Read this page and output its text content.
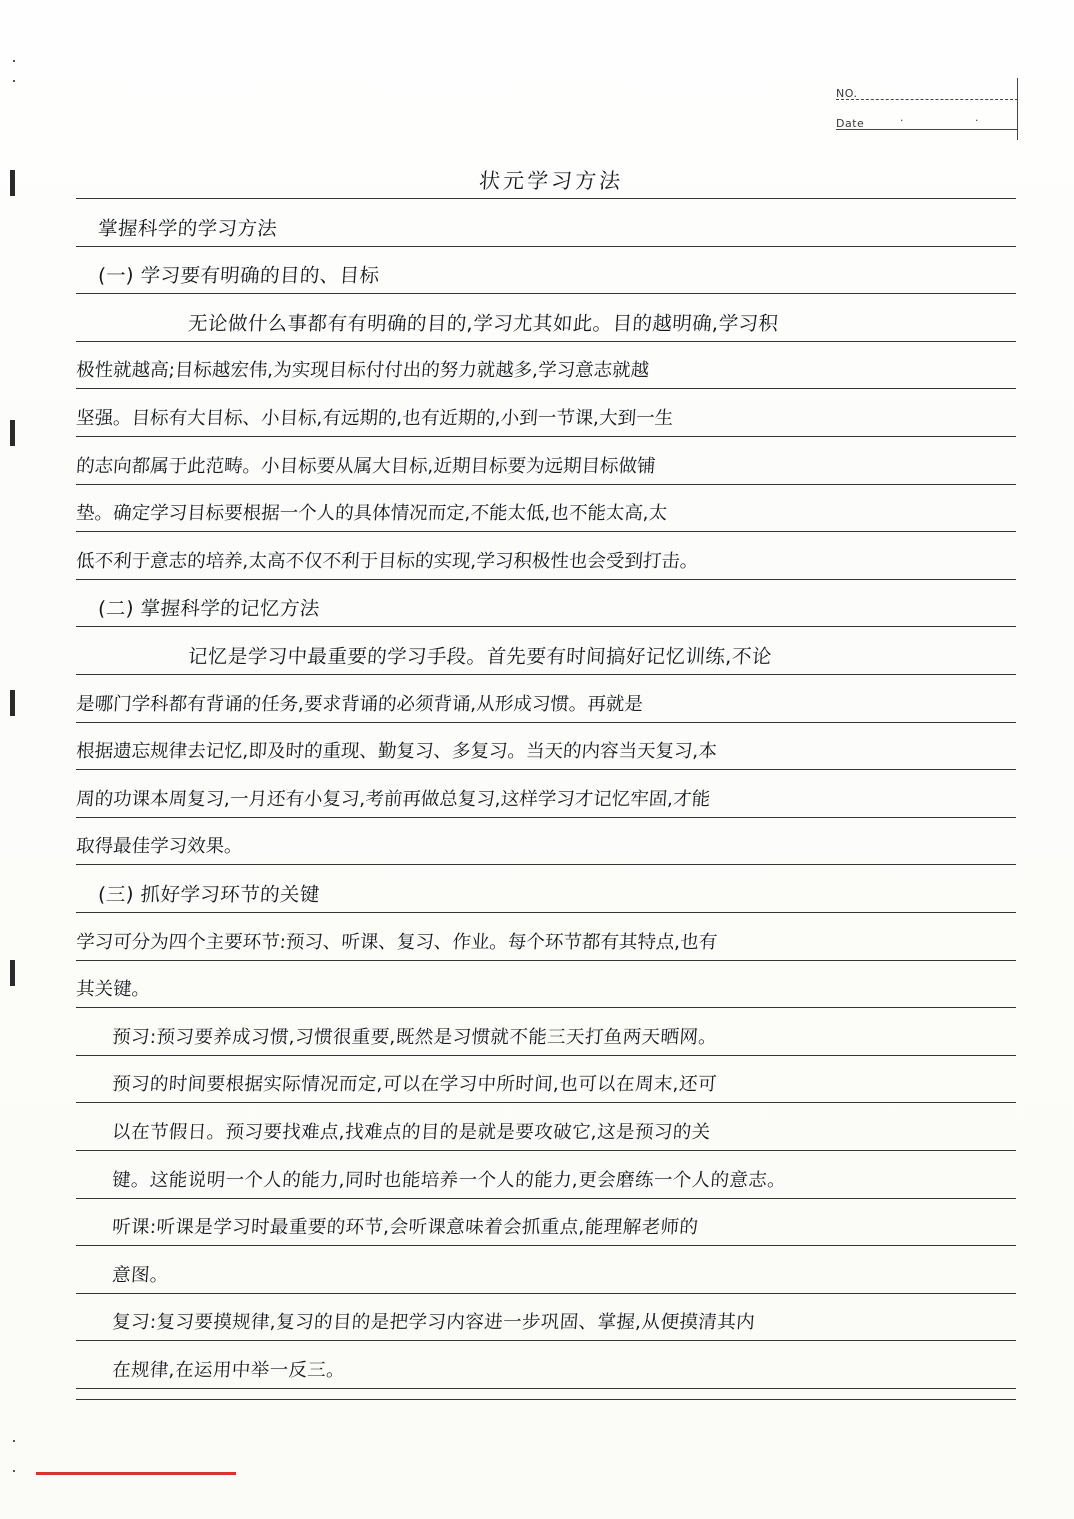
NO.
Date	· ·
状元学习方法
掌握科学的学习方法
(一) 学习要有明确的目的、目标
无论做什么事都有有明确的目的,学习尤其如此。目的越明确,学习积
极性就越高;目标越宏伟,为实现目标付付出的努力就越多,学习意志就越
坚强。目标有大目标、小目标,有远期的,也有近期的,小到一节课,大到一生
的志向都属于此范畴。小目标要从属大目标,近期目标要为远期目标做铺
垫。确定学习目标要根据一个人的具体情况而定,不能太低,也不能太高,太
低不利于意志的培养,太高不仅不利于目标的实现,学习积极性也会受到打击。
(二) 掌握科学的记忆方法
记忆是学习中最重要的学习手段。首先要有时间搞好记忆训练,不论
是哪门学科都有背诵的任务,要求背诵的必须背诵,从形成习惯。再就是
根据遗忘规律去记忆,即及时的重现、勤复习、多复习。当天的内容当天复习,本
周的功课本周复习,一月还有小复习,考前再做总复习,这样学习才记忆牢固,才能
取得最佳学习效果。
(三) 抓好学习环节的关键
学习可分为四个主要环节:预习、听课、复习、作业。每个环节都有其特点,也有
其关键。
预习:预习要养成习惯,习惯很重要,既然是习惯就不能三天打鱼两天晒网。
预习的时间要根据实际情况而定,可以在学习中所时间,也可以在周末,还可
以在节假日。预习要找难点,找难点的目的是就是要攻破它,这是预习的关
键。这能说明一个人的能力,同时也能培养一个人的能力,更会磨练一个人的意志。
听课:听课是学习时最重要的环节,会听课意味着会抓重点,能理解老师的
意图。
复习:复习要摸规律,复习的目的是把学习内容进一步巩固、掌握,从便摸清其内
在规律,在运用中举一反三。
